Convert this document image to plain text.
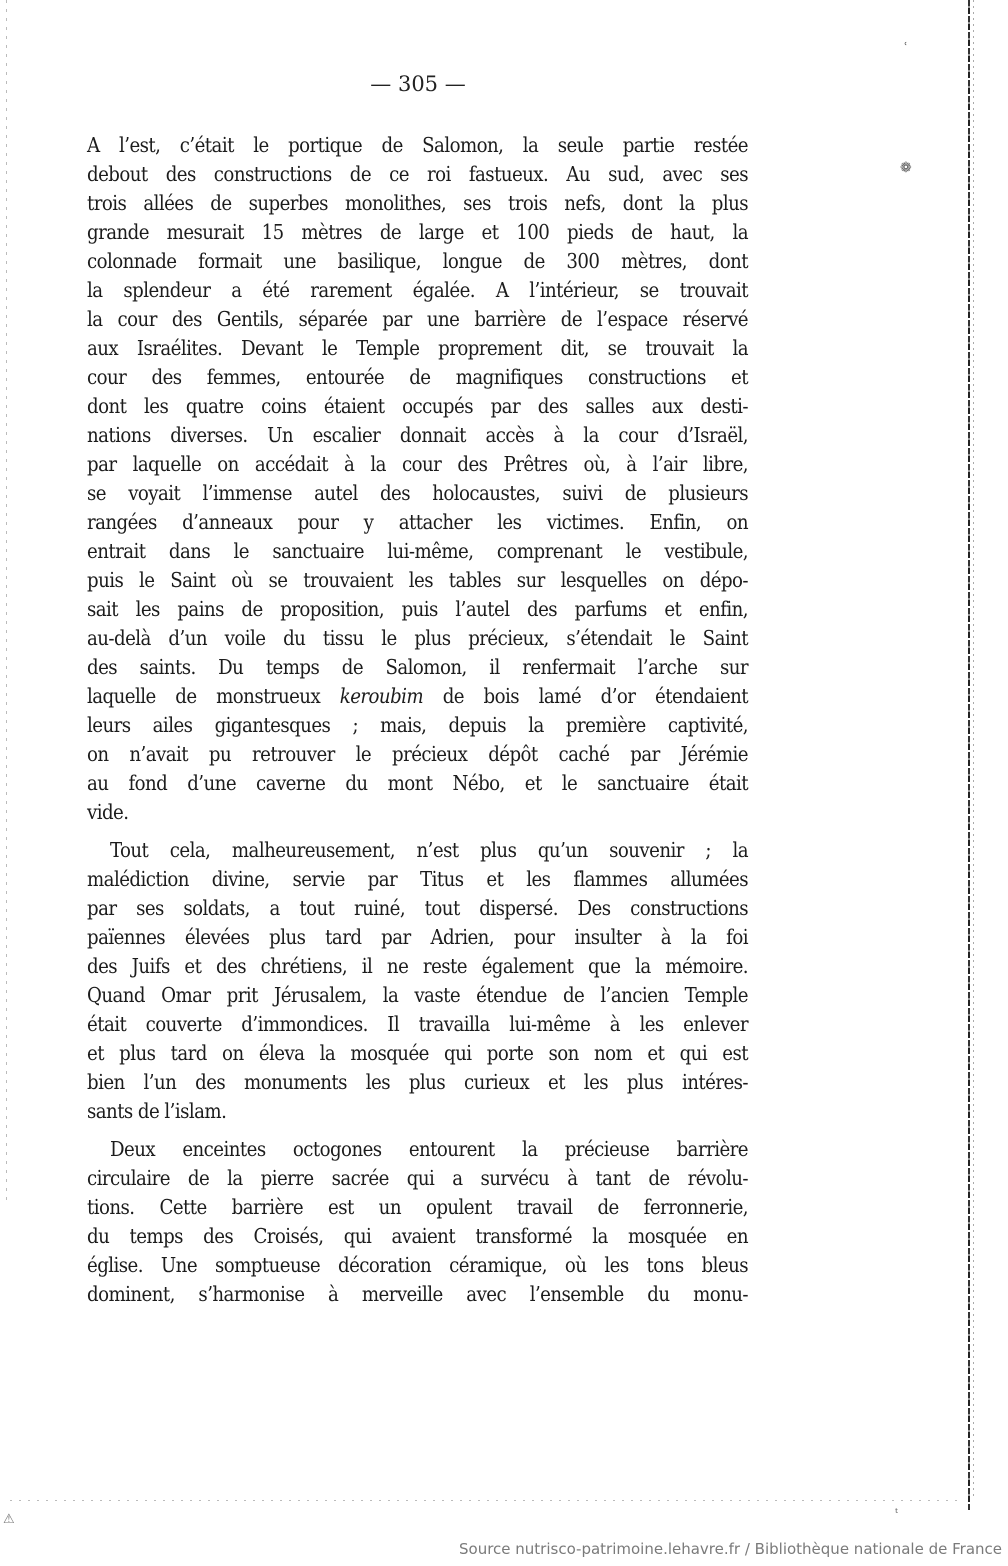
ʿ
❁
ᵗ
— 305 —

A l’est, c’était le portique de Salomon, la seule partie restée

debout des constructions de ce roi fastueux. Au sud, avec ses

trois allées de superbes monolithes, ses trois nefs, dont la plus

grande mesurait 15 mètres de large et 100 pieds de haut, la

colonnade formait une basilique, longue de 300 mètres, dont

la splendeur a été rarement égalée. A l’intérieur, se trouvait

la cour des Gentils, séparée par une barrière de l’espace réservé

aux Israélites. Devant le Temple proprement dit, se trouvait la

cour des femmes, entourée de magnifiques constructions et

dont les quatre coins étaient occupés par des salles aux desti-

nations diverses. Un escalier donnait accès à la cour d’Israël,

par laquelle on accédait à la cour des Prêtres où, à l’air libre,

se voyait l’immense autel des holocaustes, suivi de plusieurs

rangées d’anneaux pour y attacher les victimes. Enfin, on

entrait dans le sanctuaire lui-même, comprenant le vestibule,

puis le Saint où se trouvaient les tables sur lesquelles on dépo-

sait les pains de proposition, puis l’autel des parfums et enfin,

au-delà d’un voile du tissu le plus précieux, s’étendait le Saint

des saints. Du temps de Salomon, il renfermait l’arche sur

laquelle de monstrueux keroubim de bois lamé d’or étendaient

leurs ailes gigantesques ; mais, depuis la première captivité,

on n’avait pu retrouver le précieux dépôt caché par Jérémie

au fond d’une caverne du mont Nébo, et le sanctuaire était

vide.

Tout cela, malheureusement, n’est plus qu’un souvenir ; la

malédiction divine, servie par Titus et les flammes allumées

par ses soldats, a tout ruiné, tout dispersé. Des constructions

païennes élevées plus tard par Adrien, pour insulter à la foi

des Juifs et des chrétiens, il ne reste également que la mémoire.

Quand Omar prit Jérusalem, la vaste étendue de l’ancien Temple

était couverte d’immondices. Il travailla lui-même à les enlever

et plus tard on éleva la mosquée qui porte son nom et qui est

bien l’un des monuments les plus curieux et les plus intéres-

sants de l’islam.

Deux enceintes octogones entourent la précieuse barrière

circulaire de la pierre sacrée qui a survécu à tant de révolu-

tions. Cette barrière est un opulent travail de ferronnerie,

du temps des Croisés, qui avaient transformé la mosquée en

église. Une somptueuse décoration céramique, où les tons bleus

dominent, s’harmonise à merveille avec l’ensemble du monu-

⚠
Source nutrisco-patrimoine.lehavre.fr / Bibliothèque nationale de France
